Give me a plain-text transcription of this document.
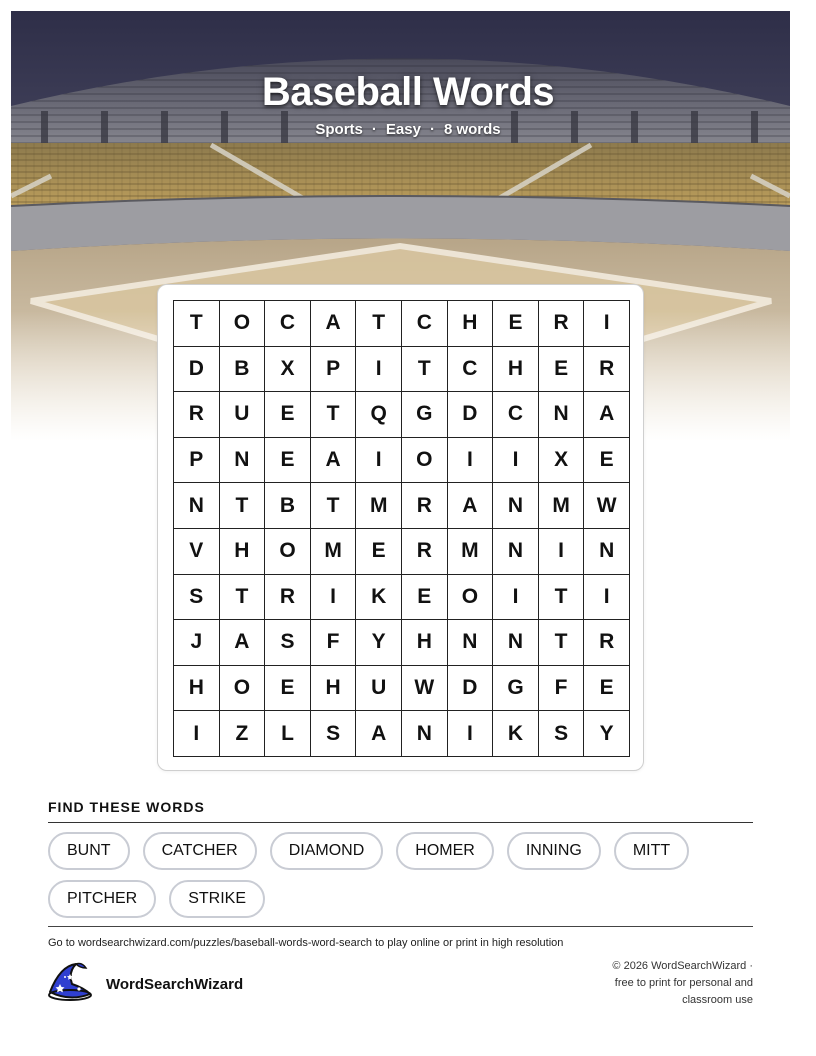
Baseball Words
Sports · Easy · 8 words
T	O	C	A	T	C	H	E	R	I
D	B	X	P	I	T	C	H	E	R
R	U	E	T	Q	G	D	C	N	A
P	N	E	A	I	O	I	I	X	E
N	T	B	T	M	R	A	N	M	W
V	H	O	M	E	R	M	N	I	N
S	T	R	I	K	E	O	I	T	I
J	A	S	F	Y	H	N	N	T	R
H	O	E	H	U	W	D	G	F	E
I	Z	L	S	A	N	I	K	S	Y
FIND THESE WORDS
BUNT	CATCHER	DIAMOND	HOMER	INNING	MITT
PITCHER	STRIKE
Go to wordsearchwizard.com/puzzles/baseball-words-word-search to play online or print in high resolution
WordSearchWizard
© 2026 WordSearchWizard ·
free to print for personal and
classroom use
